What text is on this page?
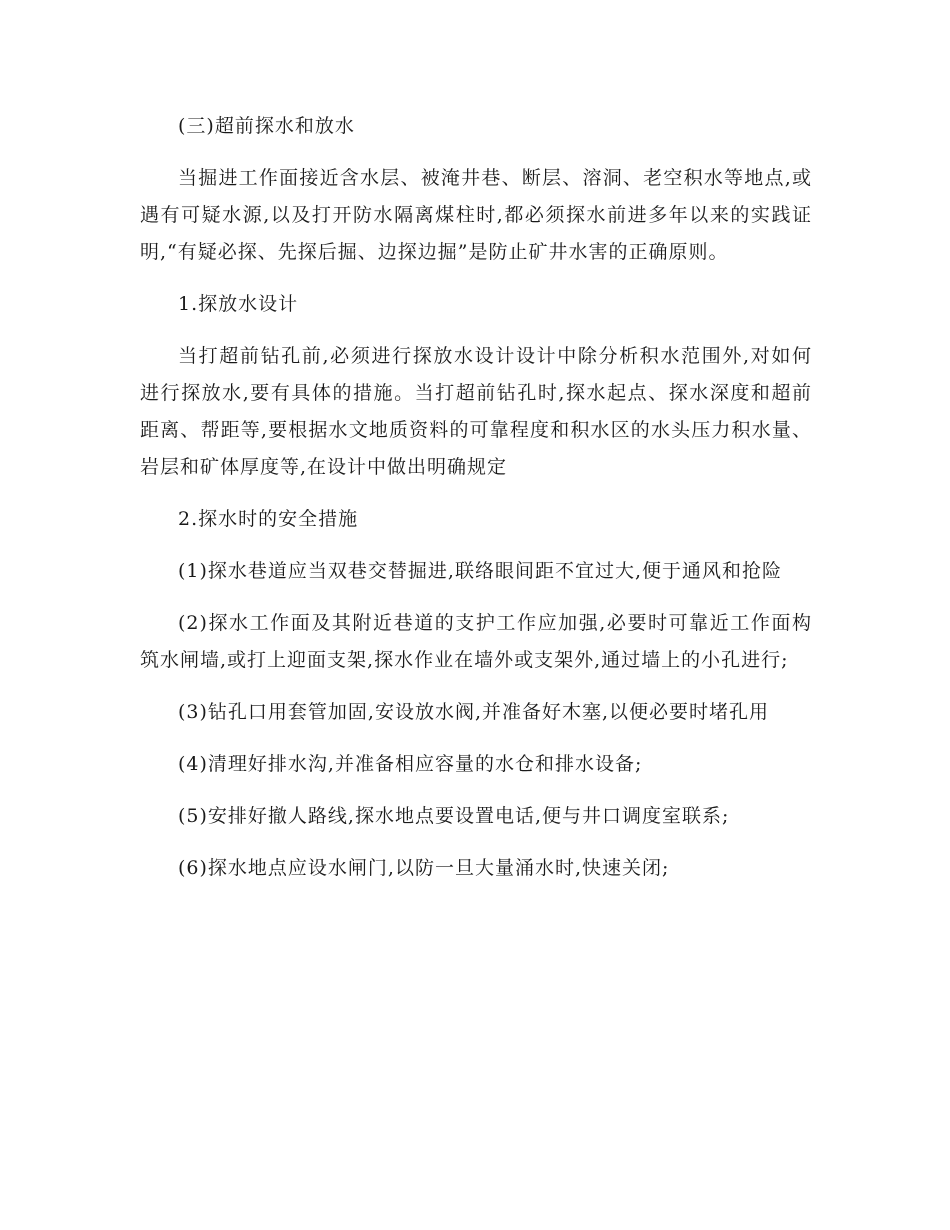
(三)超前探水和放水

当掘进工作面接近含水层、被淹井巷、断层、溶洞、老空积水等地点,或遇有可疑水源,以及打开防水隔离煤柱时,都必须探水前进多年以来的实践证明,“有疑必探、先探后掘、边探边掘”是防止矿井水害的正确原则。

1.探放水设计

当打超前钻孔前,必须进行探放水设计设计中除分析积水范围外,对如何进行探放水,要有具体的措施。当打超前钻孔时,探水起点、探水深度和超前距离、帮距等,要根据水文地质资料的可靠程度和积水区的水头压力积水量、岩层和矿体厚度等,在设计中做出明确规定

2.探水时的安全措施

(1)探水巷道应当双巷交替掘进,联络眼间距不宜过大,便于通风和抢险

(2)探水工作面及其附近巷道的支护工作应加强,必要时可靠近工作面构筑水闸墙,或打上迎面支架,探水作业在墙外或支架外,通过墙上的小孔进行;

(3)钻孔口用套管加固,安设放水阀,并准备好木塞,以便必要时堵孔用

(4)清理好排水沟,并准备相应容量的水仓和排水设备;

(5)安排好撤人路线,探水地点要设置电话,便与井口调度室联系;

(6)探水地点应设水闸门,以防一旦大量涌水时,快速关闭;
